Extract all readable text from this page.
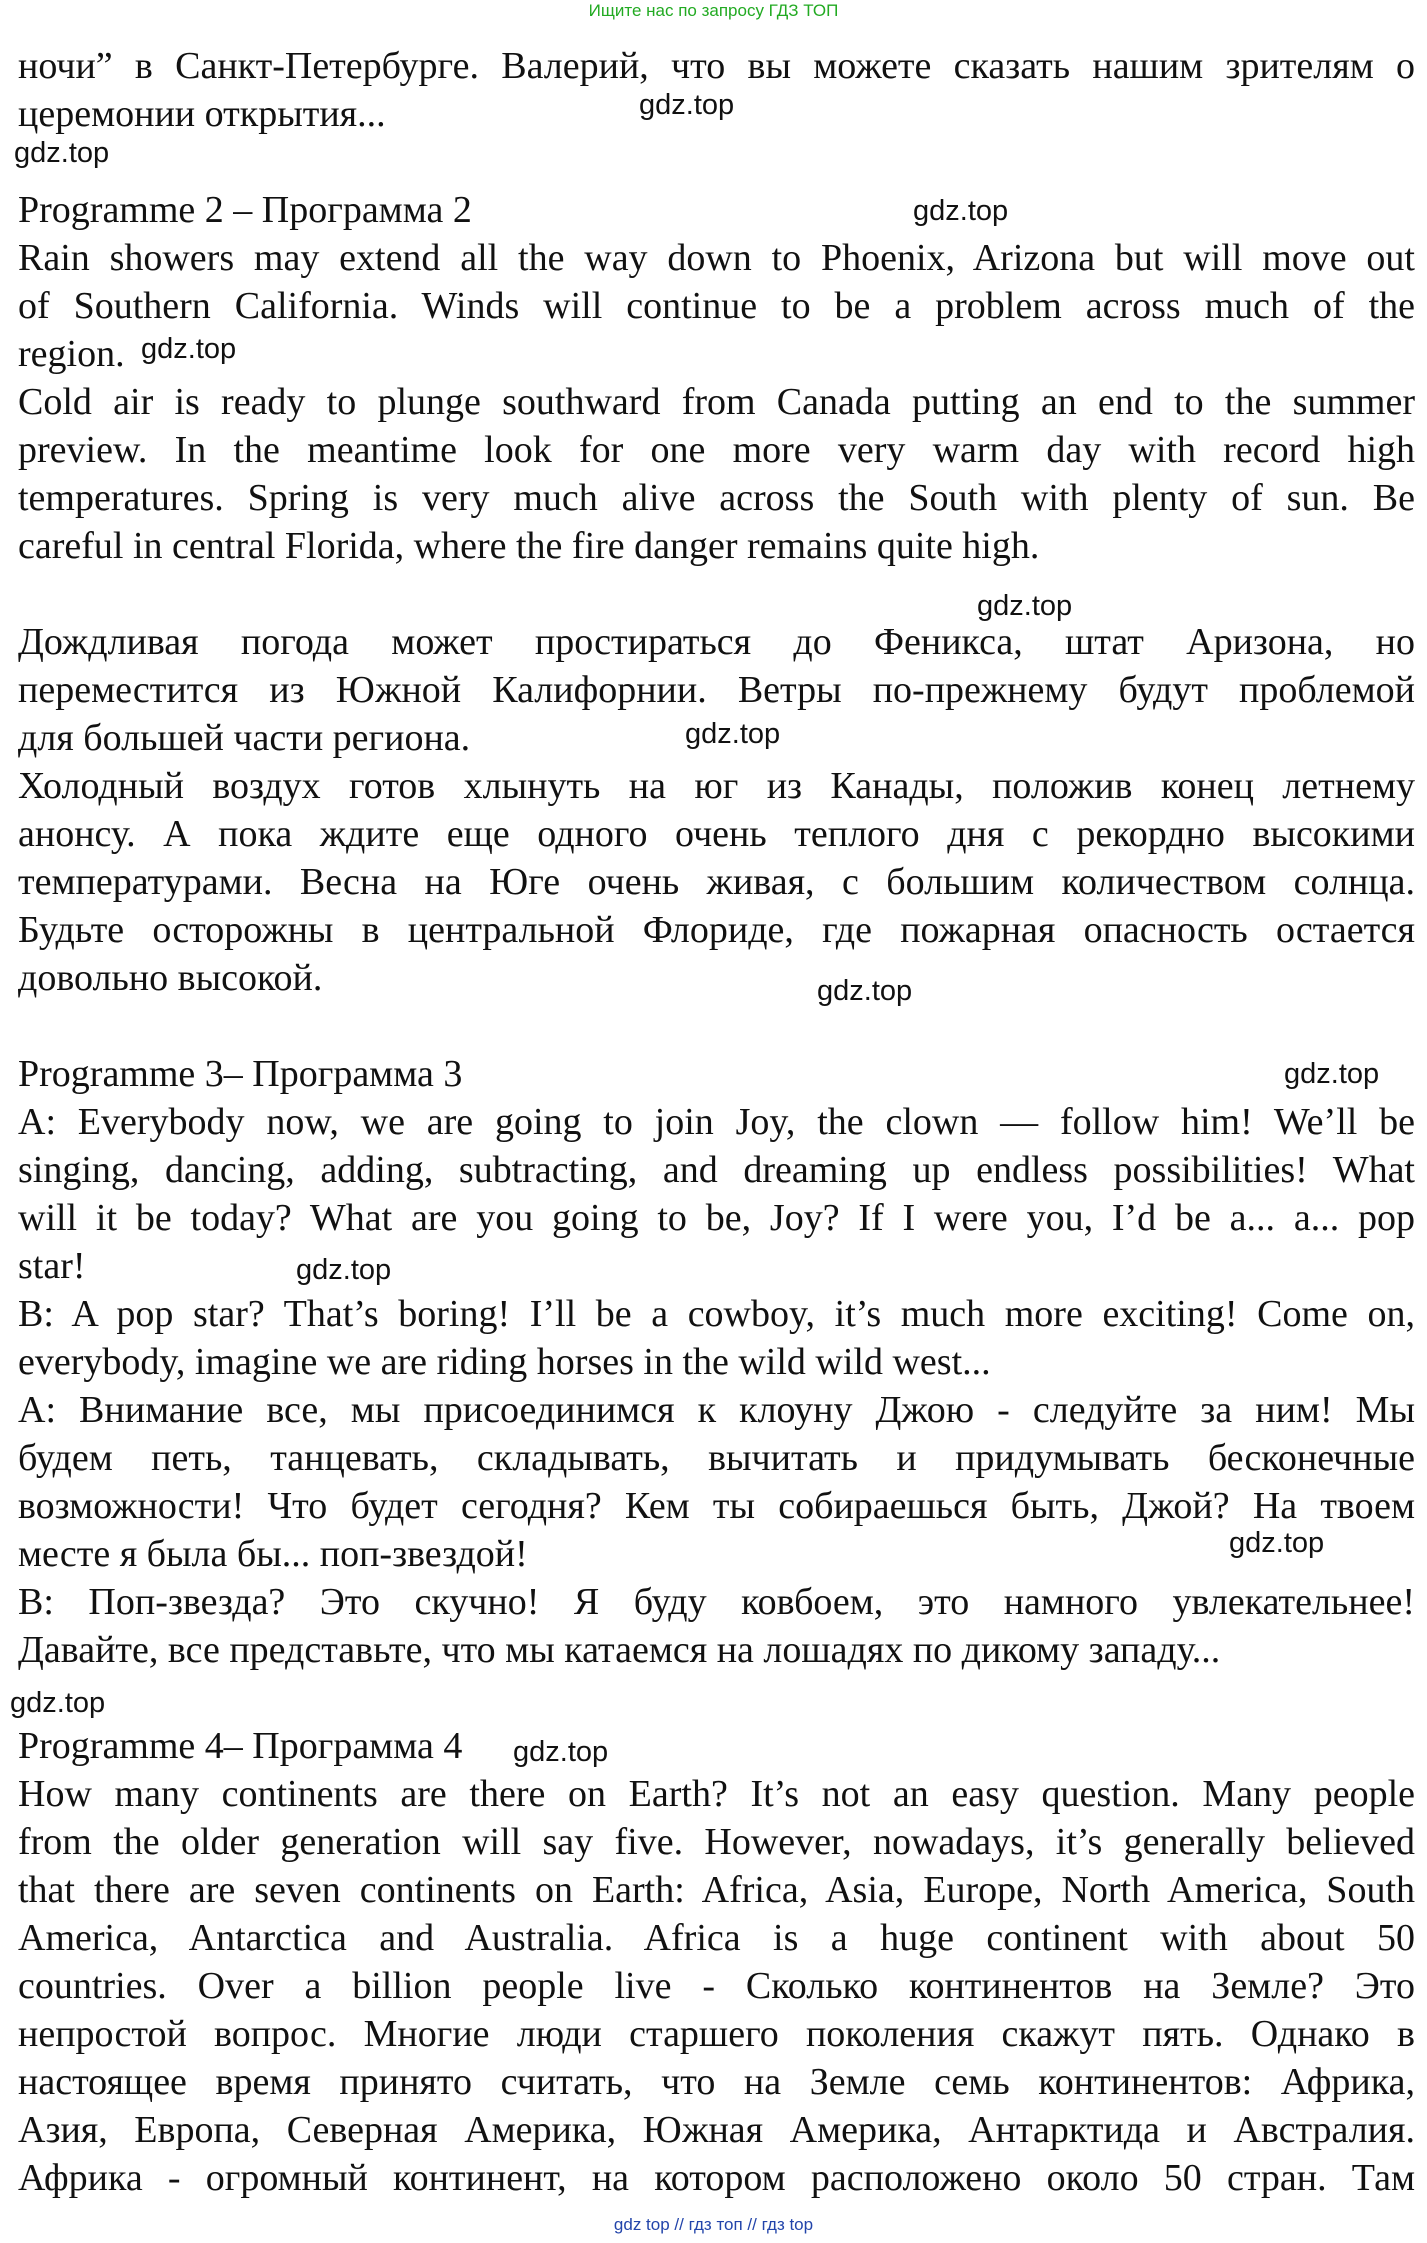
Ищите нас по запросу ГДЗ ТОП
ночи” в Санкт-Петербурге. Валерий, что вы можете сказать нашим зрителям о
церемонии открытия...
Programme 2 – Программа 2
Rain showers may extend all the way down to Phoenix, Arizona but will move out
of Southern California. Winds will continue to be a problem across much of the
region.
Cold air is ready to plunge southward from Canada putting an end to the summer
preview. In the meantime look for one more very warm day with record high
temperatures. Spring is very much alive across the South with plenty of sun. Be
careful in central Florida, where the fire danger remains quite high.
Дождливая погода может простираться до Феникса, штат Аризона, но
переместится из Южной Калифорнии. Ветры по-прежнему будут проблемой
для большей части региона.
Холодный воздух готов хлынуть на юг из Канады, положив конец летнему
анонсу. А пока ждите еще одного очень теплого дня с рекордно высокими
температурами. Весна на Юге очень живая, с большим количеством солнца.
Будьте осторожны в центральной Флориде, где пожарная опасность остается
довольно высокой.
Programme 3– Программа 3
A: Everybody now, we are going to join Joy, the clown — follow him! We’ll be
singing, dancing, adding, subtracting, and dreaming up endless possibilities! What
will it be today? What are you going to be, Joy? If I were you, I’d be a... a... pop
star!
B: A pop star? That’s boring! I’ll be a cowboy, it’s much more exciting! Come on,
everybody, imagine we are riding horses in the wild wild west...
А: Внимание все, мы присоединимся к клоуну Джою - следуйте за ним! Мы
будем петь, танцевать, складывать, вычитать и придумывать бесконечные
возможности! Что будет сегодня? Кем ты собираешься быть, Джой? На твоем
месте я была бы... поп-звездой!
В: Поп-звезда? Это скучно! Я буду ковбоем, это намного увлекательнее!
Давайте, все представьте, что мы катаемся на лошадях по дикому западу...
Programme 4– Программа 4
How many continents are there on Earth? It’s not an easy question. Many people
from the older generation will say five. However, nowadays, it’s generally believed
that there are seven continents on Earth: Africa, Asia, Europe, North America, South
America, Antarctica and Australia. Africa is a huge continent with about 50
countries. Over a billion people live - Сколько континентов на Земле? Это
непростой вопрос. Многие люди старшего поколения скажут пять. Однако в
настоящее время принято считать, что на Земле семь континентов: Африка,
Азия, Европа, Северная Америка, Южная Америка, Антарктида и Австралия.
Африка - огромный континент, на котором расположено около 50 стран. Там
gdz.top
gdz.top
gdz.top
gdz.top
gdz.top
gdz.top
gdz.top
gdz.top
gdz.top
gdz.top
gdz.top
gdz.top
gdz top // гдз топ // гдз top
